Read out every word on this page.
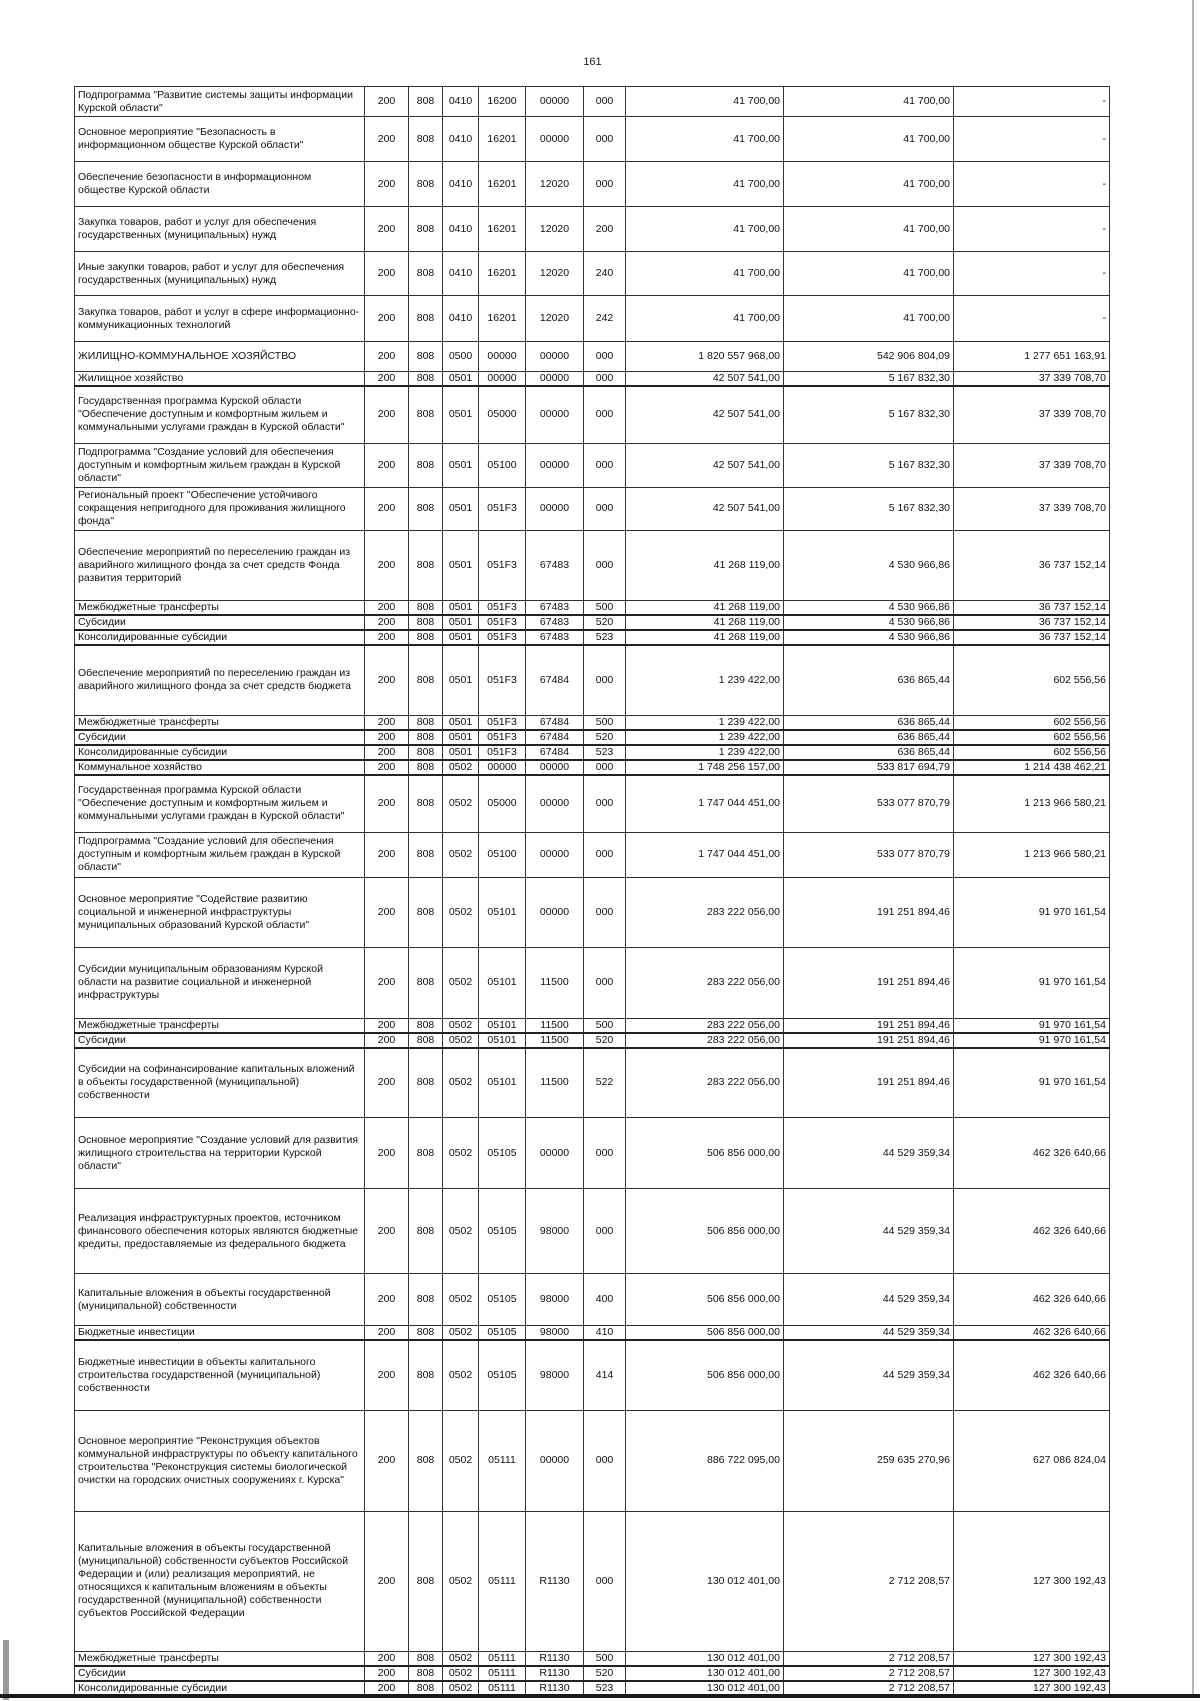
161
Подпрограмма "Развитие системы защиты информации Курской области"	200	808	0410	16200	00000	000	41 700,00	41 700,00	-
Основное мероприятие "Безопасность в информационном обществе Курской области"	200	808	0410	16201	00000	000	41 700,00	41 700,00	-
Обеспечение безопасности в информационном обществе Курской области	200	808	0410	16201	12020	000	41 700,00	41 700,00	-
Закупка товаров, работ и услуг для обеспечения государственных (муниципальных) нужд	200	808	0410	16201	12020	200	41 700,00	41 700,00	-
Иные закупки товаров, работ и услуг для обеспечения государственных (муниципальных) нужд	200	808	0410	16201	12020	240	41 700,00	41 700,00	-
Закупка товаров, работ и услуг в сфере информационно-коммуникационных технологий	200	808	0410	16201	12020	242	41 700,00	41 700,00	-
ЖИЛИЩНО-КОММУНАЛЬНОЕ ХОЗЯЙСТВО	200	808	0500	00000	00000	000	1 820 557 968,00	542 906 804,09	1 277 651 163,91
Жилищное хозяйство	200	808	0501	00000	00000	000	42 507 541,00	5 167 832,30	37 339 708,70
Государственная программа Курской области "Обеспечение доступным и комфортным жильем и коммунальными услугами граждан в Курской области"	200	808	0501	05000	00000	000	42 507 541,00	5 167 832,30	37 339 708,70
Подпрограмма "Создание условий для обеспечения доступным и комфортным жильем граждан в Курской области"	200	808	0501	05100	00000	000	42 507 541,00	5 167 832,30	37 339 708,70
Региональный проект "Обеспечение устойчивого сокращения непригодного для проживания жилищного фонда"	200	808	0501	051F3	00000	000	42 507 541,00	5 167 832,30	37 339 708,70
Обеспечение мероприятий по переселению граждан из аварийного жилищного фонда за счет средств Фонда развития территорий	200	808	0501	051F3	67483	000	41 268 119,00	4 530 966,86	36 737 152,14
Межбюджетные трансферты	200	808	0501	051F3	67483	500	41 268 119,00	4 530 966,86	36 737 152,14
Субсидии	200	808	0501	051F3	67483	520	41 268 119,00	4 530 966,86	36 737 152,14
Консолидированные субсидии	200	808	0501	051F3	67483	523	41 268 119,00	4 530 966,86	36 737 152,14
Обеспечение мероприятий по переселению граждан из аварийного жилищного фонда за счет средств бюджета	200	808	0501	051F3	67484	000	1 239 422,00	636 865,44	602 556,56
Межбюджетные трансферты	200	808	0501	051F3	67484	500	1 239 422,00	636 865,44	602 556,56
Субсидии	200	808	0501	051F3	67484	520	1 239 422,00	636 865,44	602 556,56
Консолидированные субсидии	200	808	0501	051F3	67484	523	1 239 422,00	636 865,44	602 556,56
Коммунальное хозяйство	200	808	0502	00000	00000	000	1 748 256 157,00	533 817 694,79	1 214 438 462,21
Государственная программа Курской области "Обеспечение доступным и комфортным жильем и коммунальными услугами граждан в Курской области"	200	808	0502	05000	00000	000	1 747 044 451,00	533 077 870,79	1 213 966 580,21
Подпрограмма "Создание условий для обеспечения доступным и комфортным жильем граждан в Курской области"	200	808	0502	05100	00000	000	1 747 044 451,00	533 077 870,79	1 213 966 580,21
Основное мероприятие "Содействие развитию социальной и инженерной инфраструктуры муниципальных образований Курской области"	200	808	0502	05101	00000	000	283 222 056,00	191 251 894,46	91 970 161,54
Субсидии муниципальным образованиям Курской области на развитие социальной и инженерной инфраструктуры	200	808	0502	05101	11500	000	283 222 056,00	191 251 894,46	91 970 161,54
Межбюджетные трансферты	200	808	0502	05101	11500	500	283 222 056,00	191 251 894,46	91 970 161,54
Субсидии	200	808	0502	05101	11500	520	283 222 056,00	191 251 894,46	91 970 161,54
Субсидии на софинансирование капитальных вложений в объекты государственной (муниципальной) собственности	200	808	0502	05101	11500	522	283 222 056,00	191 251 894,46	91 970 161,54
Основное мероприятие "Создание условий для развития жилищного строительства на территории Курской области"	200	808	0502	05105	00000	000	506 856 000,00	44 529 359,34	462 326 640,66
Реализация инфраструктурных проектов, источником финансового обеспечения которых являются бюджетные кредиты, предоставляемые из федерального бюджета	200	808	0502	05105	98000	000	506 856 000,00	44 529 359,34	462 326 640,66
Капитальные вложения в объекты государственной (муниципальной) собственности	200	808	0502	05105	98000	400	506 856 000,00	44 529 359,34	462 326 640,66
Бюджетные инвестиции	200	808	0502	05105	98000	410	506 856 000,00	44 529 359,34	462 326 640,66
Бюджетные инвестиции в объекты капитального строительства государственной (муниципальной) собственности	200	808	0502	05105	98000	414	506 856 000,00	44 529 359,34	462 326 640,66
Основное мероприятие "Реконструкция объектов коммунальной инфраструктуры по объекту капитального строительства "Реконструкция системы биологической очистки на городских очистных сооружениях г. Курска"	200	808	0502	05111	00000	000	886 722 095,00	259 635 270,96	627 086 824,04
Капитальные вложения в объекты государственной (муниципальной) собственности субъектов Российской Федерации и (или) реализация мероприятий, не относящихся к капитальным вложениям в объекты государственной (муниципальной) собственности субъектов Российской Федерации	200	808	0502	05111	R1130	000	130 012 401,00	2 712 208,57	127 300 192,43
Межбюджетные трансферты	200	808	0502	05111	R1130	500	130 012 401,00	2 712 208,57	127 300 192,43
Субсидии	200	808	0502	05111	R1130	520	130 012 401,00	2 712 208,57	127 300 192,43
Консолидированные субсидии	200	808	0502	05111	R1130	523	130 012 401,00	2 712 208,57	127 300 192,43
